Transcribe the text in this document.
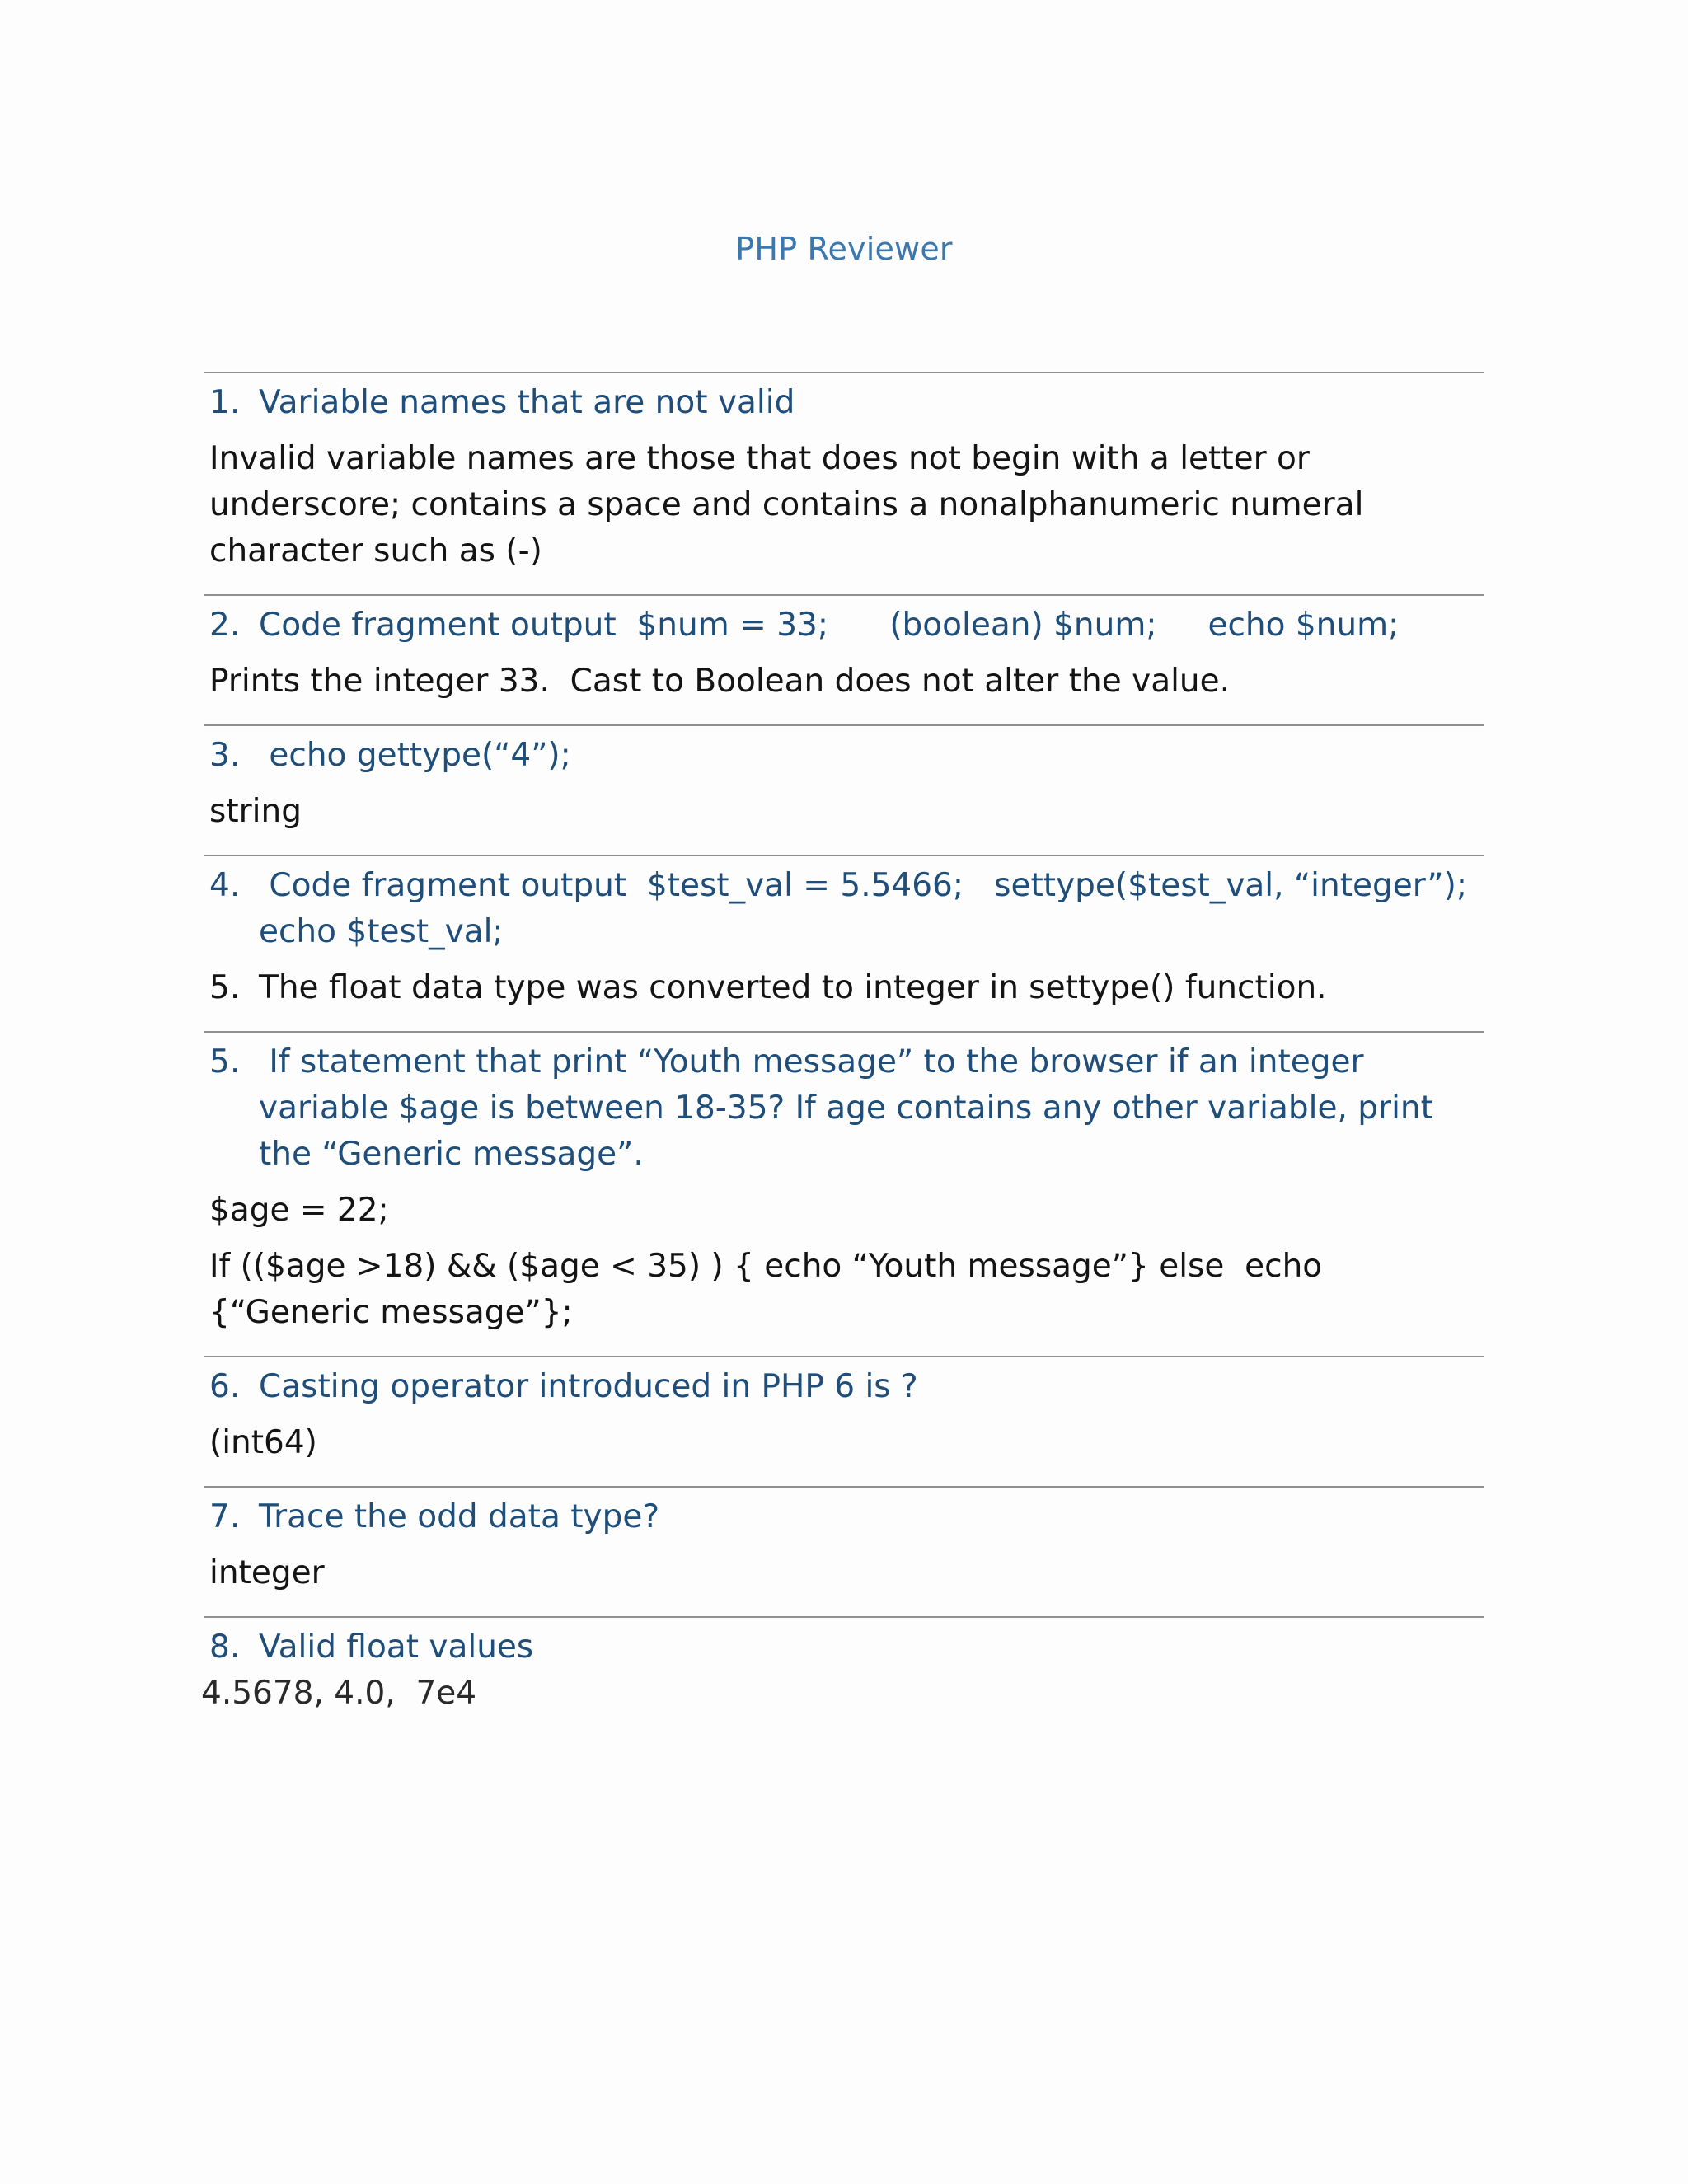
PHP Reviewer
1. Variable names that are not valid
Invalid variable names are those that does not begin with a letter or underscore; contains a space and contains a nonalphanumeric numeral character such as (-)
2. Code fragment output  $num = 33;      (boolean) $num;     echo $num;
Prints the integer 33.  Cast to Boolean does not alter the value.
3. echo gettype(“4”);
string
4. Code fragment output  $test_val = 5.5466;   settype($test_val, “integer”);   echo $test_val;
5. The float data type was converted to integer in settype() function.
5. If statement that print “Youth message” to the browser if an integer variable $age is between 18-35? If age contains any other variable, print the “Generic message”.
$age = 22;
If (($age >18) && ($age < 35) ) { echo “Youth message”} else  echo {“Generic message”};
6. Casting operator introduced in PHP 6 is ?
(int64)
7. Trace the odd data type?
integer
8. Valid float values
4.5678, 4.0,  7e4
